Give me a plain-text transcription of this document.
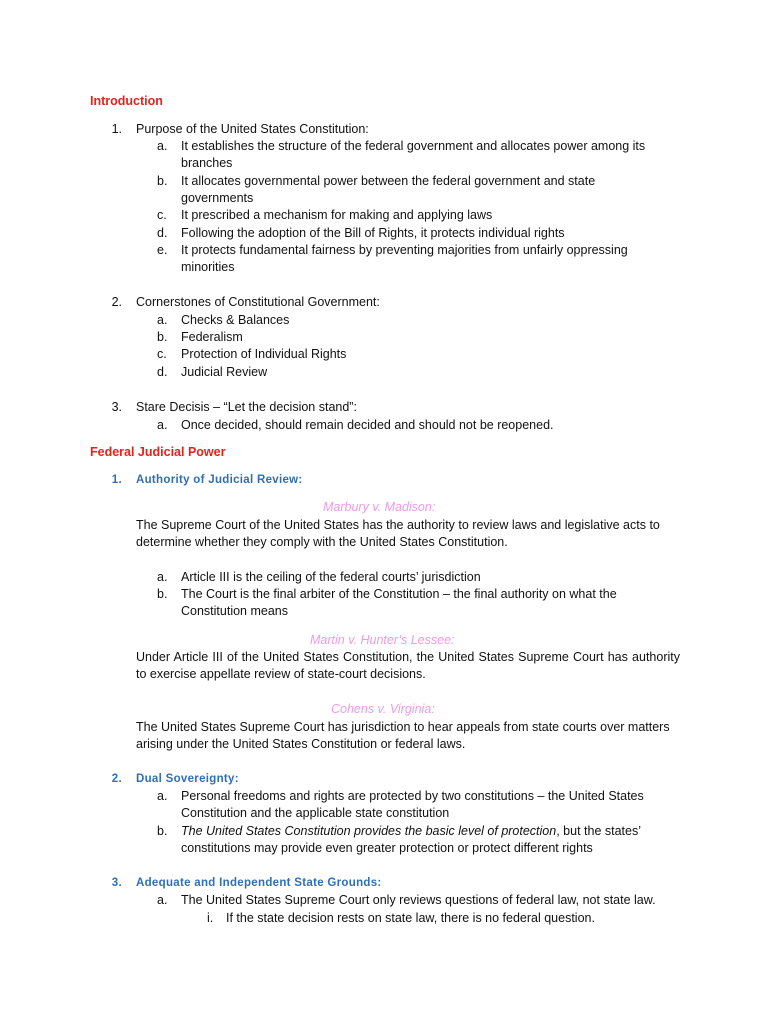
Introduction
1. Purpose of the United States Constitution:
a. It establishes the structure of the federal government and allocates power among its branches
b. It allocates governmental power between the federal government and state governments
c. It prescribed a mechanism for making and applying laws
d. Following the adoption of the Bill of Rights, it protects individual rights
e. It protects fundamental fairness by preventing majorities from unfairly oppressing minorities
2. Cornerstones of Constitutional Government:
a. Checks & Balances
b. Federalism
c. Protection of Individual Rights
d. Judicial Review
3. Stare Decisis – “Let the decision stand”:
a. Once decided, should remain decided and should not be reopened.
Federal Judicial Power
1. Authority of Judicial Review:
Marbury v. Madison:
The Supreme Court of the United States has the authority to review laws and legislative acts to determine whether they comply with the United States Constitution.
a. Article III is the ceiling of the federal courts’ jurisdiction
b. The Court is the final arbiter of the Constitution – the final authority on what the Constitution means
Martin v. Hunter’s Lessee:
Under Article III of the United States Constitution, the United States Supreme Court has authority to exercise appellate review of state-court decisions.
Cohens v. Virginia:
The United States Supreme Court has jurisdiction to hear appeals from state courts over matters arising under the United States Constitution or federal laws.
2. Dual Sovereignty:
a. Personal freedoms and rights are protected by two constitutions – the United States Constitution and the applicable state constitution
b. The United States Constitution provides the basic level of protection, but the states’ constitutions may provide even greater protection or protect different rights
3. Adequate and Independent State Grounds:
a. The United States Supreme Court only reviews questions of federal law, not state law.
i. If the state decision rests on state law, there is no federal question.
